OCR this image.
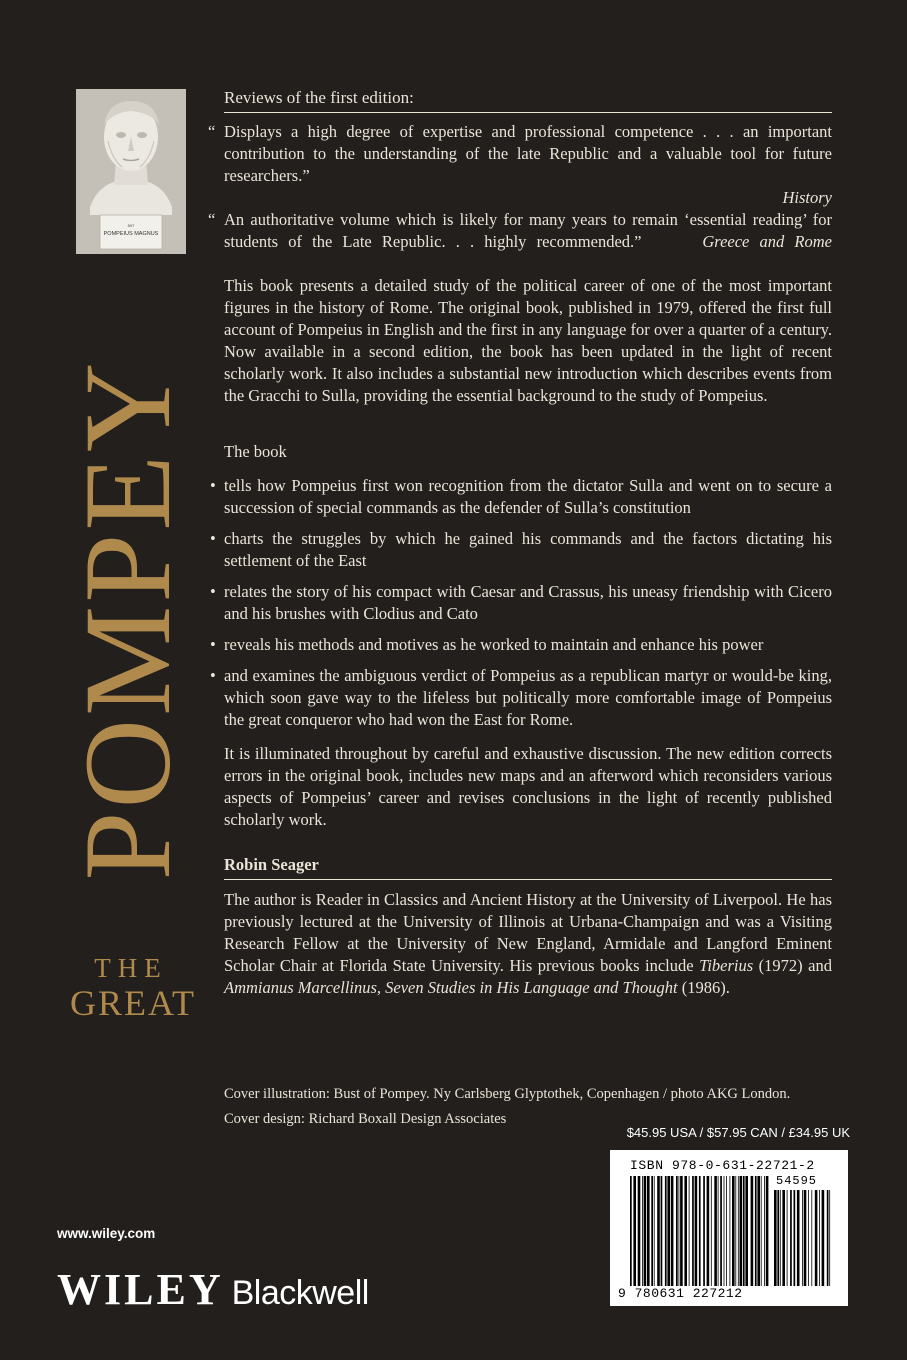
597
POMPEIUS MAGNUS
POMPEY
THE
GREAT
Reviews of the first edition:
“ Displays a high degree of expertise and professional competence . . . an important contribution to the understanding of the late Republic and a valuable tool for future researchers.”
History
“ An authoritative volume which is likely for many years to remain ‘essential reading’ for students of the Late Republic. . . highly recommended.”	Greece and Rome
This book presents a detailed study of the political career of one of the most important figures in the history of Rome. The original book, published in 1979, offered the first full account of Pompeius in English and the first in any language for over a quarter of a century. Now available in a second edition, the book has been updated in the light of recent scholarly work. It also includes a substantial new introduction which describes events from the Gracchi to Sulla, providing the essential background to the study of Pompeius.
The book
• tells how Pompeius first won recognition from the dictator Sulla and went on to secure a succession of special commands as the defender of Sulla’s constitution
• charts the struggles by which he gained his commands and the factors dictating his settlement of the East
• relates the story of his compact with Caesar and Crassus, his uneasy friendship with Cicero and his brushes with Clodius and Cato
• reveals his methods and motives as he worked to maintain and enhance his power
• and examines the ambiguous verdict of Pompeius as a republican martyr or would-be king, which soon gave way to the lifeless but politically more comfortable image of Pompeius the great conqueror who had won the East for Rome.
It is illuminated throughout by careful and exhaustive discussion. The new edition corrects errors in the original book, includes new maps and an afterword which reconsiders various aspects of Pompeius’ career and revises conclusions in the light of recently published scholarly work.
Robin Seager
The author is Reader in Classics and Ancient History at the University of Liverpool. He has previously lectured at the University of Illinois at Urbana-Champaign and was a Visiting Research Fellow at the University of New England, Armidale and Langford Eminent Scholar Chair at Florida State University. His previous books include Tiberius (1972) and Ammianus Marcellinus, Seven Studies in His Language and Thought (1986).
Cover illustration: Bust of Pompey. Ny Carlsberg Glyptothek, Copenhagen / photo AKG London.
Cover design: Richard Boxall Design Associates
www.wiley.com
WILEY Blackwell
$45.95 USA / $57.95 CAN / £34.95 UK
ISBN 978-0-631-22721-2
54595
9 780631 227212
